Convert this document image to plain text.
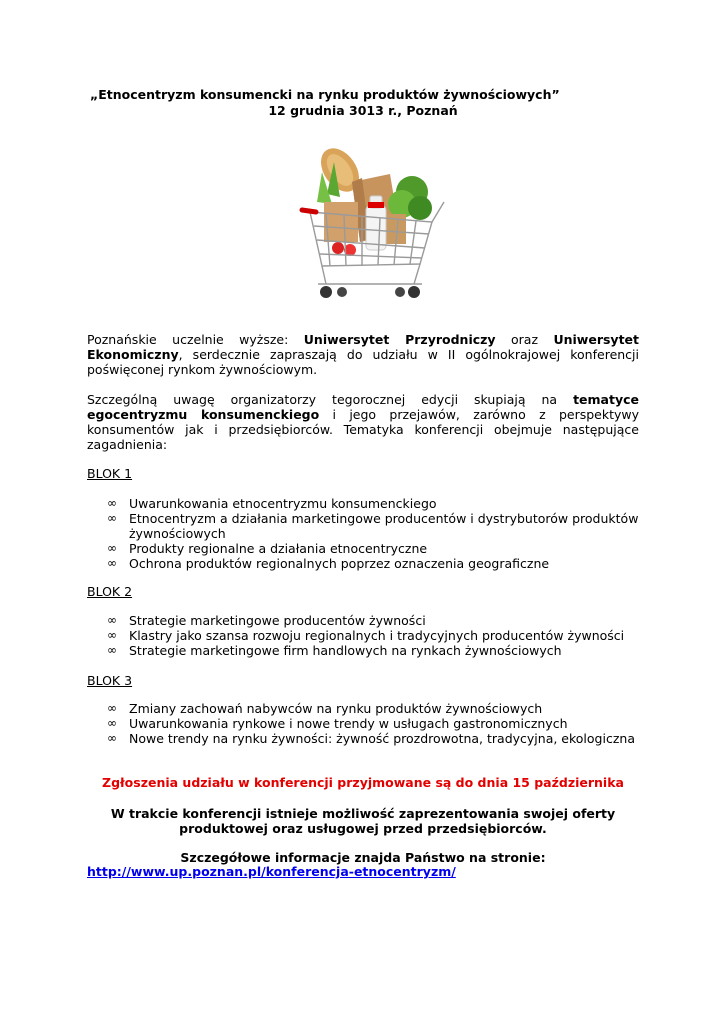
„Etnocentryzm konsumencki na rynku produktów żywnościowych”
12 grudnia 3013 r., Poznań
Poznańskie uczelnie wyższe: Uniwersytet Przyrodniczy oraz Uniwersytet Ekonomiczny, serdecznie zapraszają do udziału w II ogólnokrajowej konferencji poświęconej rynkom żywnościowym.
Szczególną uwagę organizatorzy tegorocznej edycji skupiają na tematyce egocentryzmu konsumenckiego i jego przejawów, zarówno z perspektywy konsumentów jak i przedsiębiorców. Tematyka konferencji obejmuje następujące zagadnienia:
BLOK 1
∞ Uwarunkowania etnocentryzmu konsumenckiego
∞ Etnocentryzm a działania marketingowe producentów i dystrybutorów produktów żywnościowych
∞ Produkty regionalne a działania etnocentryczne
∞ Ochrona produktów regionalnych poprzez oznaczenia geograficzne
BLOK 2
∞ Strategie marketingowe producentów żywności
∞ Klastry jako szansa rozwoju regionalnych i tradycyjnych producentów żywności
∞ Strategie marketingowe firm handlowych na rynkach żywnościowych
BLOK 3
∞ Zmiany zachowań nabywców na rynku produktów żywnościowych
∞ Uwarunkowania rynkowe i nowe trendy w usługach gastronomicznych
∞ Nowe trendy na rynku żywności: żywność prozdrowotna, tradycyjna, ekologiczna
Zgłoszenia udziału w konferencji przyjmowane są do dnia 15 października
W trakcie konferencji istnieje możliwość zaprezentowania swojej oferty
produktowej oraz usługowej przed przedsiębiorców.
Szczegółowe informacje znajda Państwo na stronie:
http://www.up.poznan.pl/konferencja-etnocentryzm/
